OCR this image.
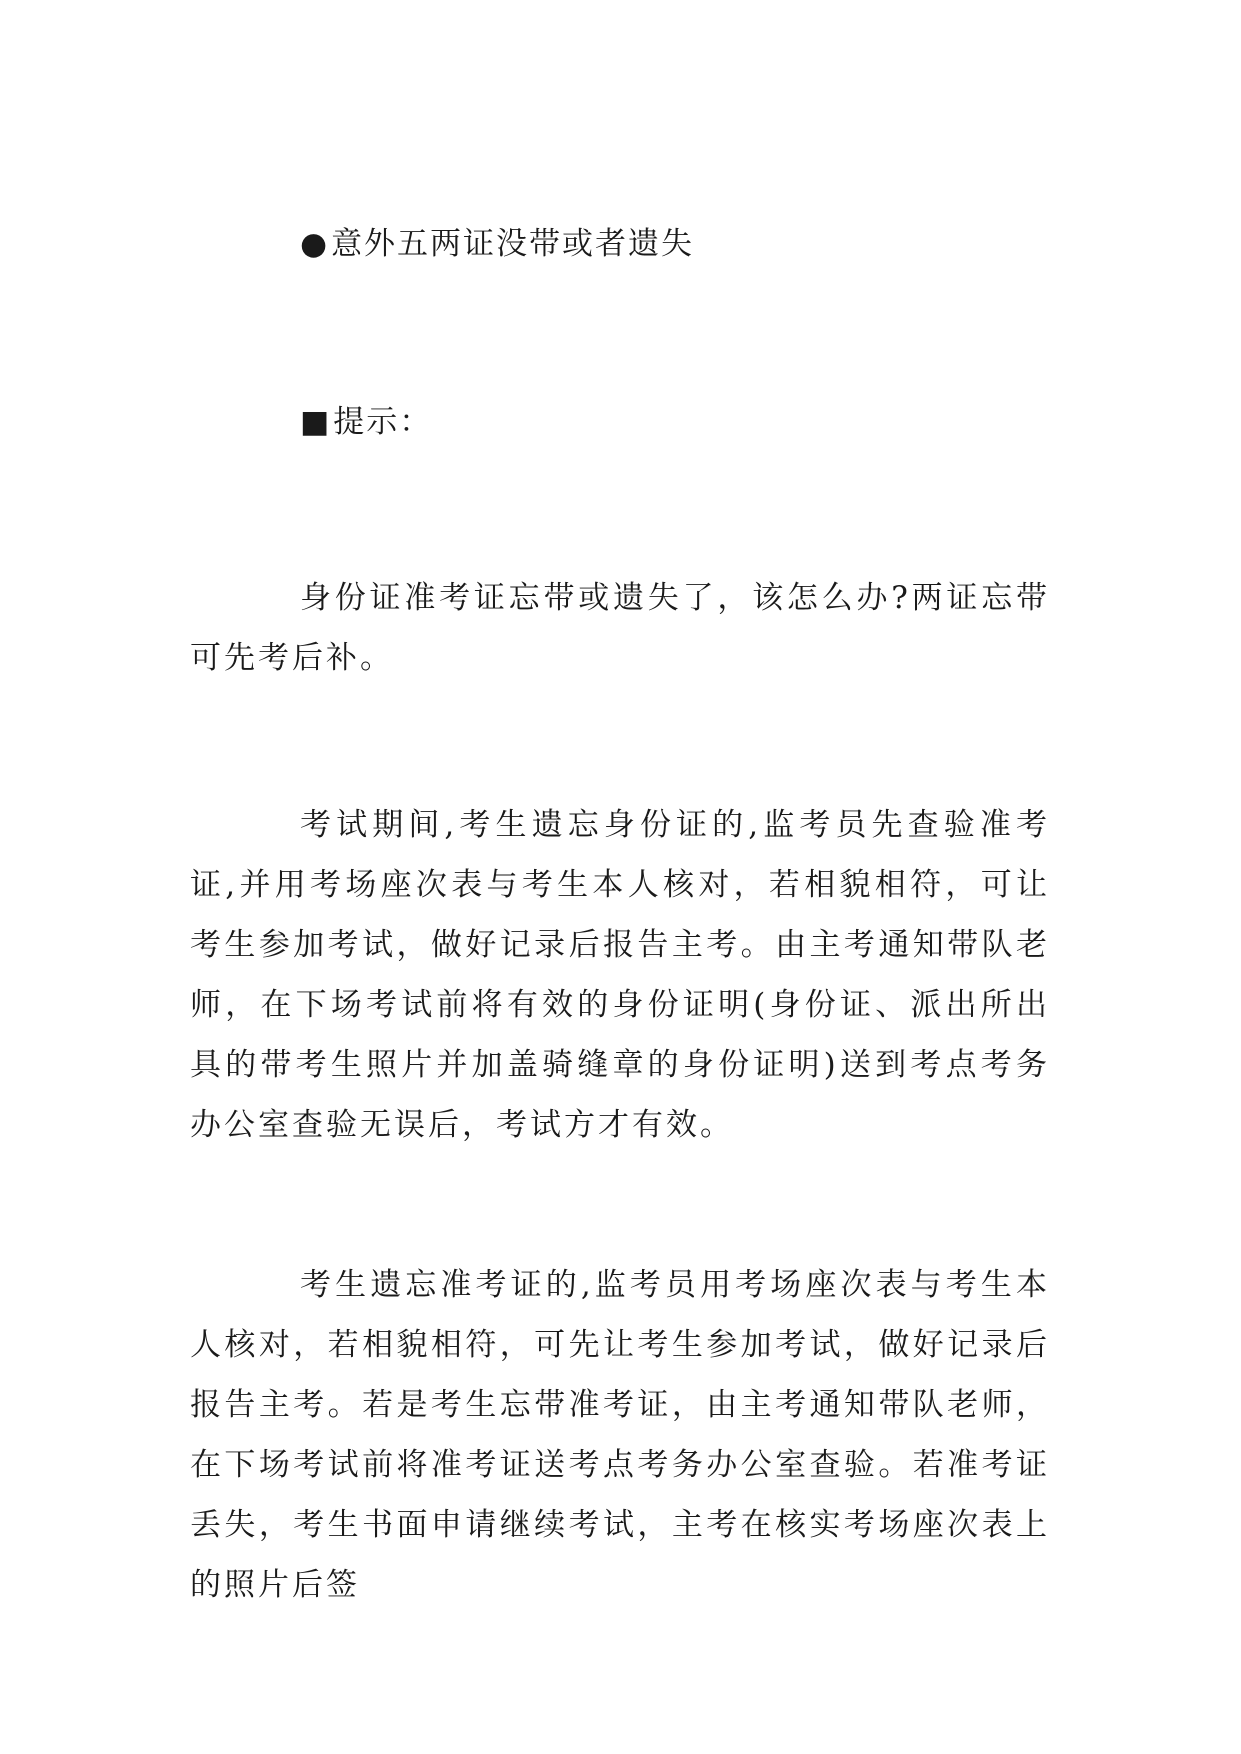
●意外五两证没带或者遗失
■提示：

身份证准考证忘带或遗失了，该怎么办?两证忘带可先考后补。

考试期间,考生遗忘身份证的,监考员先查验准考证,并用考场座次表与考生本人核对，若相貌相符，可让考生参加考试，做好记录后报告主考。由主考通知带队老师，在下场考试前将有效的身份证明(身份证、派出所出具的带考生照片并加盖骑缝章的身份证明)送到考点考务办公室查验无误后，考试方才有效。

考生遗忘准考证的,监考员用考场座次表与考生本人核对，若相貌相符，可先让考生参加考试，做好记录后报告主考。若是考生忘带准考证，由主考通知带队老师，在下场考试前将准考证送考点考务办公室查验。若准考证丢失，考生书面申请继续考试，主考在核实考场座次表上的照片后签
